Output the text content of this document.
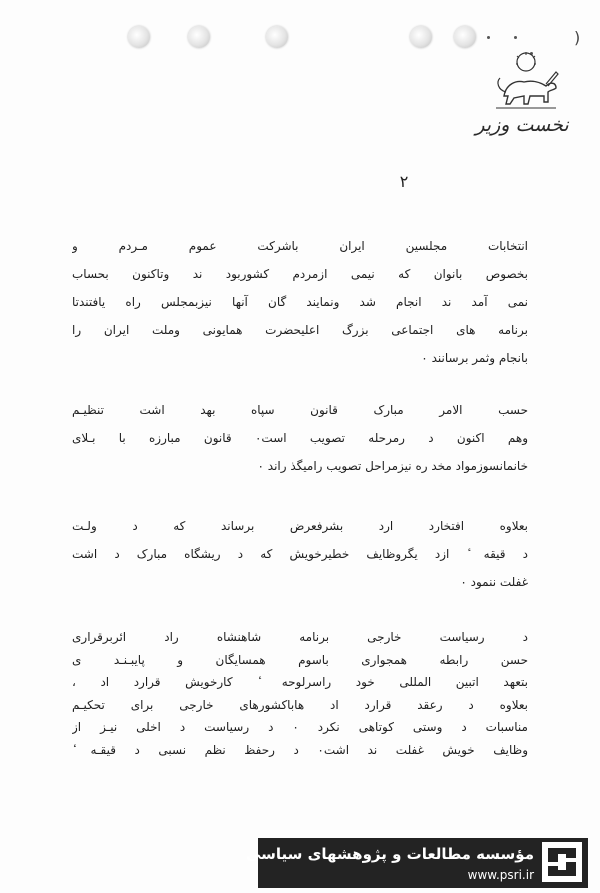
)
نخست وزیر
۲
انتخابات مجلسین ایران باشرکت عموم مـردم و
بخصوص بانوان که نیمی ازمردم کشوربود ند وتاکنون بحساب
نمی آمد ند انجام شد ونمایند گان آنها نیزبمجلس راه یافتندتا
برنامه های اجتماعی بزرگ اعلیحضرت همایونی وملت ایران را
بانجام وثمر برسانند ۰
حسب الامر مبارک قانون سپاه بهد اشت تنظیـم
وهم اکنون د رمرحله تصویب است۰ قانون مبارزه با بـلای
خانمانسوزمواد مخد ره نیزمراحل تصویب رامیگذ راند ۰
بعلاوه افتخارد ارد بشرفعرض برساند که د ولـت
د قیقه ٔ ازد یگروظایف خطیرخویش که د ریشگاه مبارک د اشت
غفلت ننمود ۰
د رسیاست خارجی برنامه شاهنشاه راد ائربرقراری
حسن رابطه همجواری باسوم همسایگان و پایبـنـد ی
بتعهد اتبین المللی خود راسرلوحه ٔ کارخویش قرارد اد ،
بعلاوه د رعقد قرارد اد هاباکشورهای خارجی برای تحکیـم
مناسبات د وستی کوتاهی نکرد ۰ د رسیاست د اخلی نیـز از
وظایف خویش غفلت ند اشت۰ د رحفظ نظم نسبی د قیقـه ٔ
مؤسسه مطالعات و پژوهشهای سیاسی
www.psri.ir
